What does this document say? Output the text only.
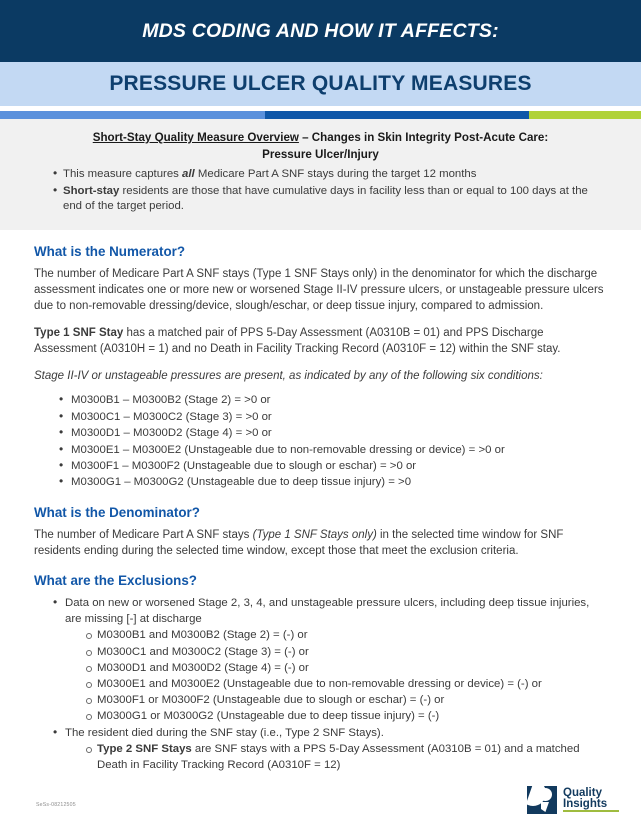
MDS CODING AND HOW IT AFFECTS:
PRESSURE ULCER QUALITY MEASURES
Short-Stay Quality Measure Overview – Changes in Skin Integrity Post-Acute Care:
Pressure Ulcer/Injury
• This measure captures all Medicare Part A SNF stays during the target 12 months
• Short-stay residents are those that have cumulative days in facility less than or equal to 100 days at the end of the target period.
What is the Numerator?

The number of Medicare Part A SNF stays (Type 1 SNF Stays only) in the denominator for which the discharge assessment indicates one or more new or worsened Stage II-IV pressure ulcers, or unstageable pressure ulcers due to non-removable dressing/device, slough/eschar, or deep tissue injury, compared to admission.

Type 1 SNF Stay has a matched pair of PPS 5-Day Assessment (A0310B = 01) and PPS Discharge Assessment (A0310H = 1) and no Death in Facility Tracking Record (A0310F = 12) within the SNF stay.

Stage II-IV or unstageable pressures are present, as indicated by any of the following six conditions:

• M0300B1 – M0300B2 (Stage 2) = >0 or
• M0300C1 – M0300C2 (Stage 3) = >0 or
• M0300D1 – M0300D2 (Stage 4) = >0 or
• M0300E1 – M0300E2 (Unstageable due to non-removable dressing or device) = >0 or
• M0300F1 – M0300F2 (Unstageable due to slough or eschar) = >0 or
• M0300G1 – M0300G2 (Unstageable due to deep tissue injury) = >0
What is the Denominator?

The number of Medicare Part A SNF stays (Type 1 SNF Stays only) in the selected time window for SNF residents ending during the selected time window, except those that meet the exclusion criteria.

What are the Exclusions?
• Data on new or worsened Stage 2, 3, 4, and unstageable pressure ulcers, including deep tissue injuries, are missing [-] at discharge
M0300B1 and M0300B2 (Stage 2) = (-) or
M0300C1 and M0300C2 (Stage 3) = (-) or
M0300D1 and M0300D2 (Stage 4) = (-) or
M0300E1 and M0300E2 (Unstageable due to non-removable dressing or device) = (-) or
M0300F1 or M0300F2 (Unstageable due to slough or eschar) = (-) or
M0300G1 or M0300G2 (Unstageable due to deep tissue injury) = (-)
• The resident died during the SNF stay (i.e., Type 2 SNF Stays).
Type 2 SNF Stays are SNF stays with a PPS 5-Day Assessment (A0310B = 01) and a matched Death in Facility Tracking Record (A0310F = 12)
SeSs-08212505
Quality
Insights
